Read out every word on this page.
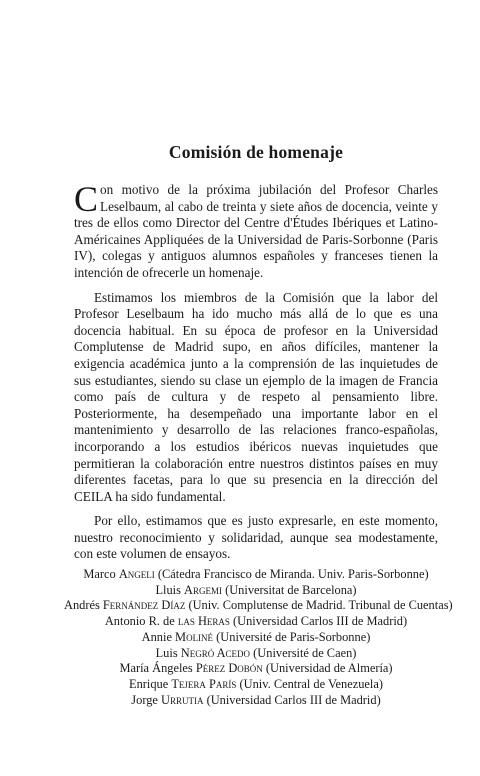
Comisión de homenaje

Con motivo de la próxima jubilación del Profesor Charles Leselbaum, al cabo de treinta y siete años de docencia, veinte y tres de ellos como Director del Centre d'Études Ibériques et Latino-Américaines Appliquées de la Universidad de Paris-Sorbonne (Paris IV), colegas y antiguos alumnos españoles y franceses tienen la intención de ofrecerle un homenaje.

Estimamos los miembros de la Comisión que la labor del Profesor Leselbaum ha ido mucho más allá de lo que es una docencia habitual. En su época de profesor en la Universidad Complutense de Madrid supo, en años difíciles, mantener la exigencia académica junto a la comprensión de las inquietudes de sus estudiantes, siendo su clase un ejemplo de la imagen de Francia como país de cultura y de respeto al pensamiento libre. Posteriormente, ha desempeñado una importante labor en el mantenimiento y desarrollo de las relaciones franco-españolas, incorporando a los estudios ibéricos nuevas inquietudes que permitieran la colaboración entre nuestros distintos países en muy diferentes facetas, para lo que su presencia en la dirección del CEILA ha sido fundamental.

Por ello, estimamos que es justo expresarle, en este momento, nuestro reconocimiento y solidaridad, aunque sea modestamente, con este volumen de ensayos.

Marco Angeli (Cátedra Francisco de Miranda. Univ. Paris-Sorbonne)
Lluis Argemi (Universitat de Barcelona)
Andrés Fernández Díaz (Univ. Complutense de Madrid. Tribunal de Cuentas)
Antonio R. de las Heras (Universidad Carlos III de Madrid)
Annie Moliné (Université de Paris-Sorbonne)
Luis Negró Acedo (Université de Caen)
María Ángeles Pérez Dobón (Universidad de Almería)
Enrique Tejera París (Univ. Central de Venezuela)
Jorge Urrutia (Universidad Carlos III de Madrid)
